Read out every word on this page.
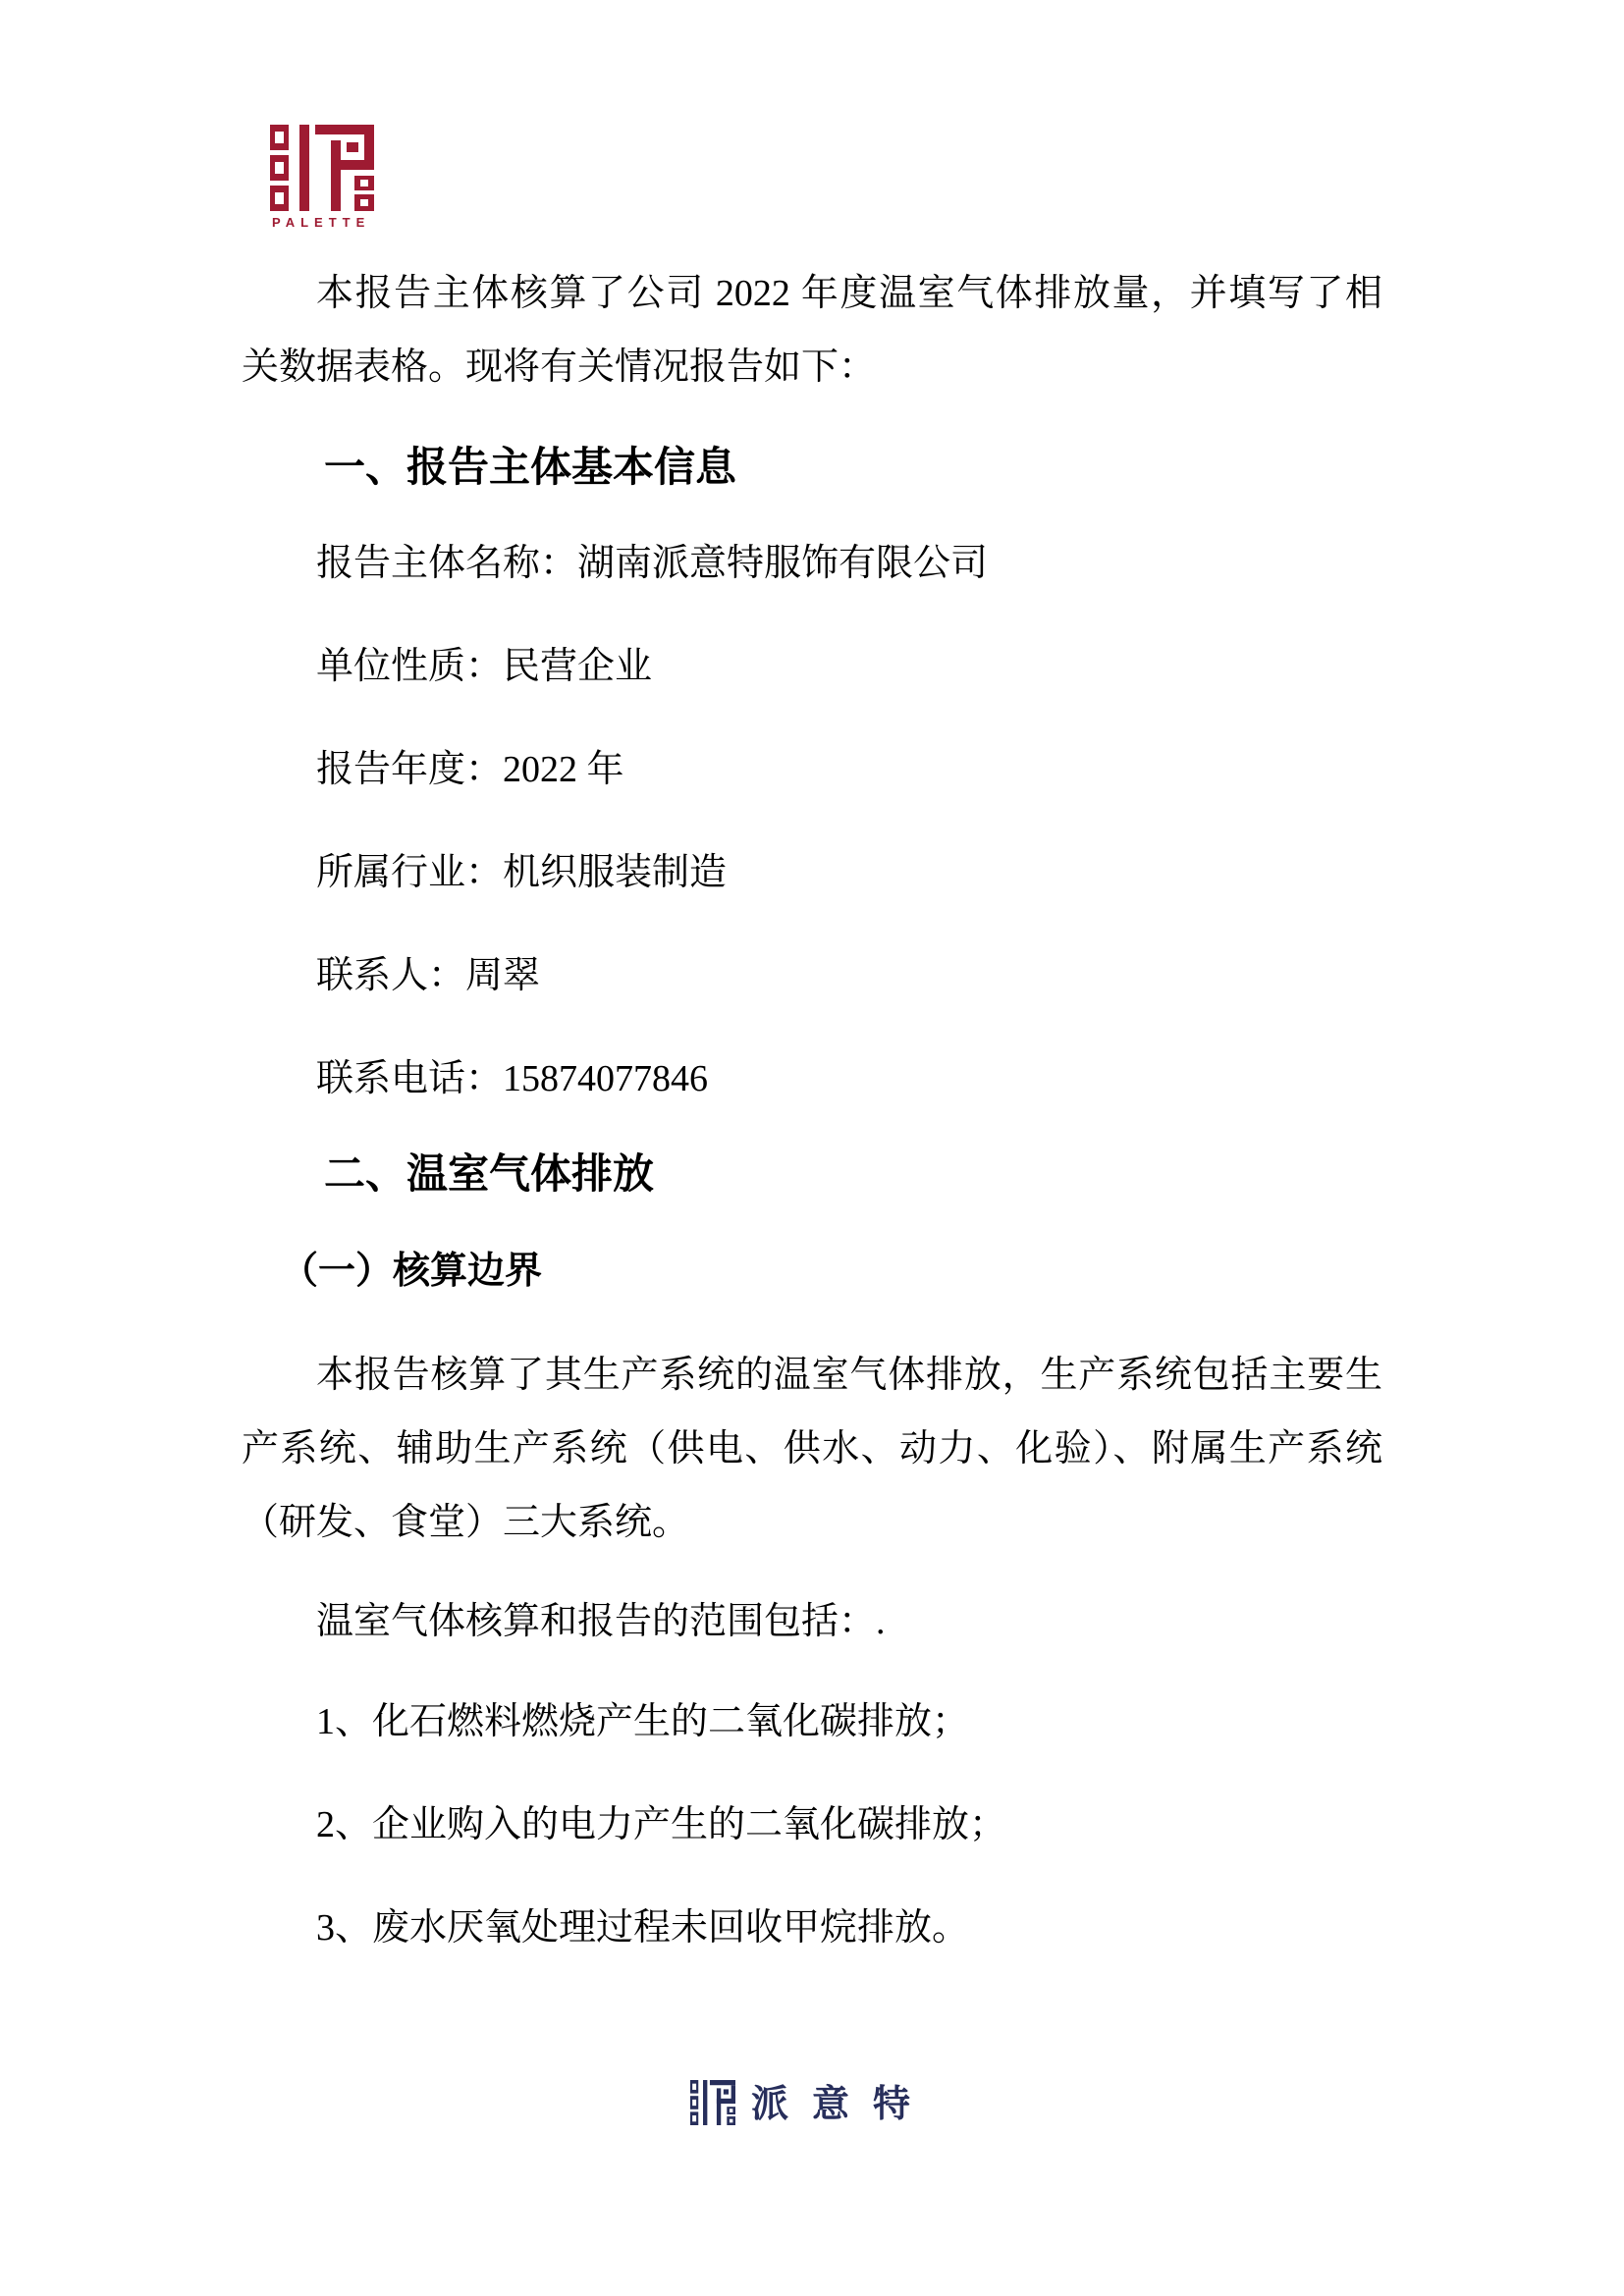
PALETTE

本报告主体核算了公司 2022 年度温室气体排放量，并填写了相

关数据表格。现将有关情况报告如下：

一、报告主体基本信息

报告主体名称：湖南派意特服饰有限公司

单位性质：民营企业

报告年度：2022 年

所属行业：机织服装制造

联系人：周翠

联系电话：15874077846

二、温室气体排放
（一）核算边界

本报告核算了其生产系统的温室气体排放，生产系统包括主要生

产系统、辅助生产系统（供电、供水、动力、化验）、附属生产系统

（研发、食堂）三大系统。

温室气体核算和报告的范围包括：.

1、化石燃料燃烧产生的二氧化碳排放；

2、企业购入的电力产生的二氧化碳排放；

3、废水厌氧处理过程未回收甲烷排放。

派意特
